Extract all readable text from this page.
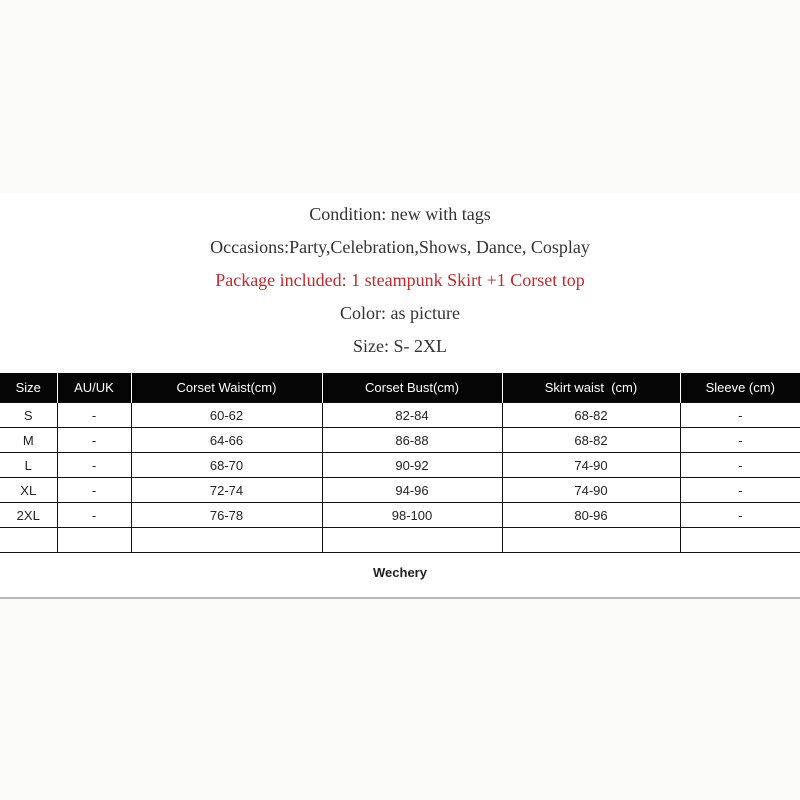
Condition: new with tags
Occasions:Party,Celebration,Shows, Dance, Cosplay
Package included: 1 steampunk Skirt +1 Corset top
Color: as picture
Size: S- 2XL
Size	AU/UK	Corset Waist(cm)	Corset Bust(cm)	Skirt waist  (cm)	Sleeve (cm)
S	-	60-62	82-84	68-82	-
M	-	64-66	86-88	68-82	-
L	-	68-70	90-92	74-90	-
XL	-	72-74	94-96	74-90	-
2XL	-	76-78	98-100	80-96	-

Wechery
